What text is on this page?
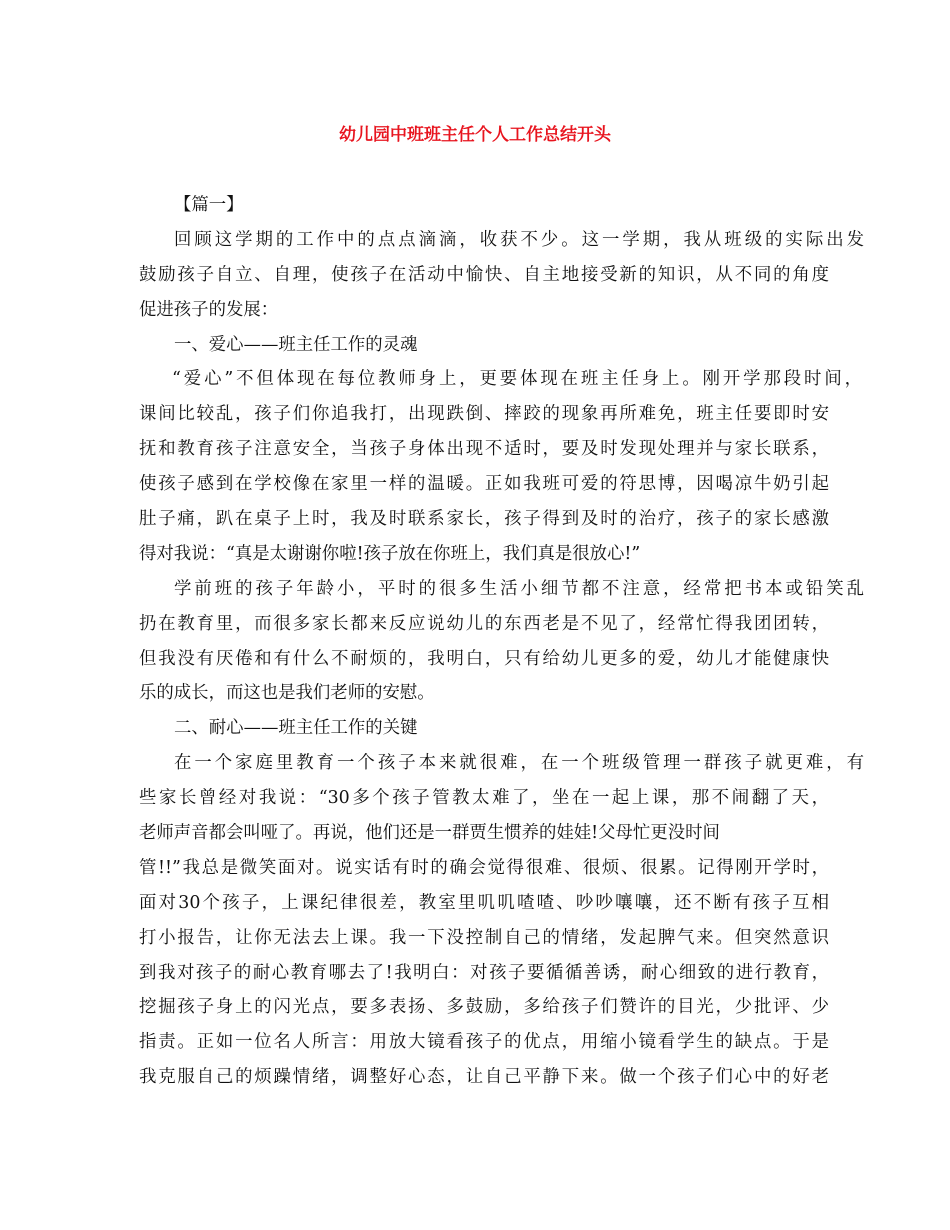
幼儿园中班班主任个人工作总结开头
【篇一】
回顾这学期的工作中的点点滴滴，收获不少。这一学期，我从班级的实际出发
鼓励孩子自立、自理，使孩子在活动中愉快、自主地接受新的知识，从不同的角度
促进孩子的发展：
一、爱心——班主任工作的灵魂
“爱心”不但体现在每位教师身上，更要体现在班主任身上。刚开学那段时间，
课间比较乱，孩子们你追我打，出现跌倒、摔跤的现象再所难免，班主任要即时安
抚和教育孩子注意安全，当孩子身体出现不适时，要及时发现处理并与家长联系，
使孩子感到在学校像在家里一样的温暖。正如我班可爱的符思博，因喝凉牛奶引起
肚子痛，趴在桌子上时，我及时联系家长，孩子得到及时的治疗，孩子的家长感激
得对我说：“真是太谢谢你啦!孩子放在你班上，我们真是很放心!”
学前班的孩子年龄小，平时的很多生活小细节都不注意，经常把书本或铅笑乱
扔在教育里，而很多家长都来反应说幼儿的东西老是不见了，经常忙得我团团转，
但我没有厌倦和有什么不耐烦的，我明白，只有给幼儿更多的爱，幼儿才能健康快
乐的成长，而这也是我们老师的安慰。
二、耐心——班主任工作的关键
在一个家庭里教育一个孩子本来就很难，在一个班级管理一群孩子就更难，有
些家长曾经对我说：“30多个孩子管教太难了，坐在一起上课，那不闹翻了天，
老师声音都会叫哑了。再说，他们还是一群贾生惯养的娃娃!父母忙更没时间
管!!”我总是微笑面对。说实话有时的确会觉得很难、很烦、很累。记得刚开学时，
面对30个孩子，上课纪律很差，教室里叽叽喳喳、吵吵嚷嚷，还不断有孩子互相
打小报告，让你无法去上课。我一下没控制自己的情绪，发起脾气来。但突然意识
到我对孩子的耐心教育哪去了!我明白：对孩子要循循善诱，耐心细致的进行教育，
挖掘孩子身上的闪光点，要多表扬、多鼓励，多给孩子们赞许的目光，少批评、少
指责。正如一位名人所言：用放大镜看孩子的优点，用缩小镜看学生的缺点。于是
我克服自己的烦躁情绪，调整好心态，让自己平静下来。做一个孩子们心中的好老
